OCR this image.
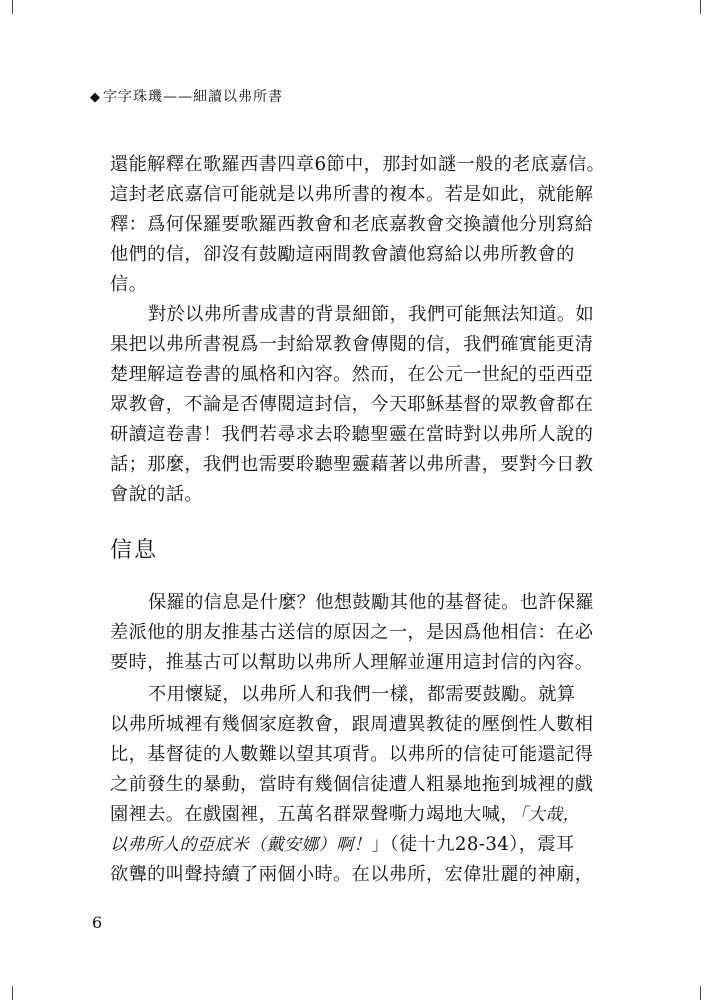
◆ 字字珠璣——細讀以弗所書

還能解釋在歌羅西書四章6節中，那封如謎一般的老底嘉信。
這封老底嘉信可能就是以弗所書的複本。若是如此，就能解
釋：爲何保羅要歌羅西教會和老底嘉教會交換讀他分別寫給
他們的信，卻沒有鼓勵這兩間教會讀他寫給以弗所教會的
信。

對於以弗所書成書的背景細節，我們可能無法知道。如
果把以弗所書視爲一封給眾教會傳閱的信，我們確實能更清
楚理解這卷書的風格和內容。然而，在公元一世紀的亞西亞
眾教會，不論是否傳閱這封信，今天耶穌基督的眾教會都在
研讀這卷書！我們若尋求去聆聽聖靈在當時對以弗所人說的
話；那麼，我們也需要聆聽聖靈藉著以弗所書，要對今日教
會說的話。

信息

保羅的信息是什麼？他想鼓勵其他的基督徒。也許保羅
差派他的朋友推基古送信的原因之一，是因爲他相信：在必
要時，推基古可以幫助以弗所人理解並運用這封信的內容。

不用懷疑，以弗所人和我們一樣，都需要鼓勵。就算
以弗所城裡有幾個家庭教會，跟周遭異教徒的壓倒性人數相
比，基督徒的人數難以望其項背。以弗所的信徒可能還記得
之前發生的暴動，當時有幾個信徒遭人粗暴地拖到城裡的戲
園裡去。在戲園裡，五萬名群眾聲嘶力竭地大喊，「大哉，
以弗所人的亞底米（戴安娜）啊！」（徒十九28-34），震耳
欲聾的叫聲持續了兩個小時。在以弗所，宏偉壯麗的神廟，

6
